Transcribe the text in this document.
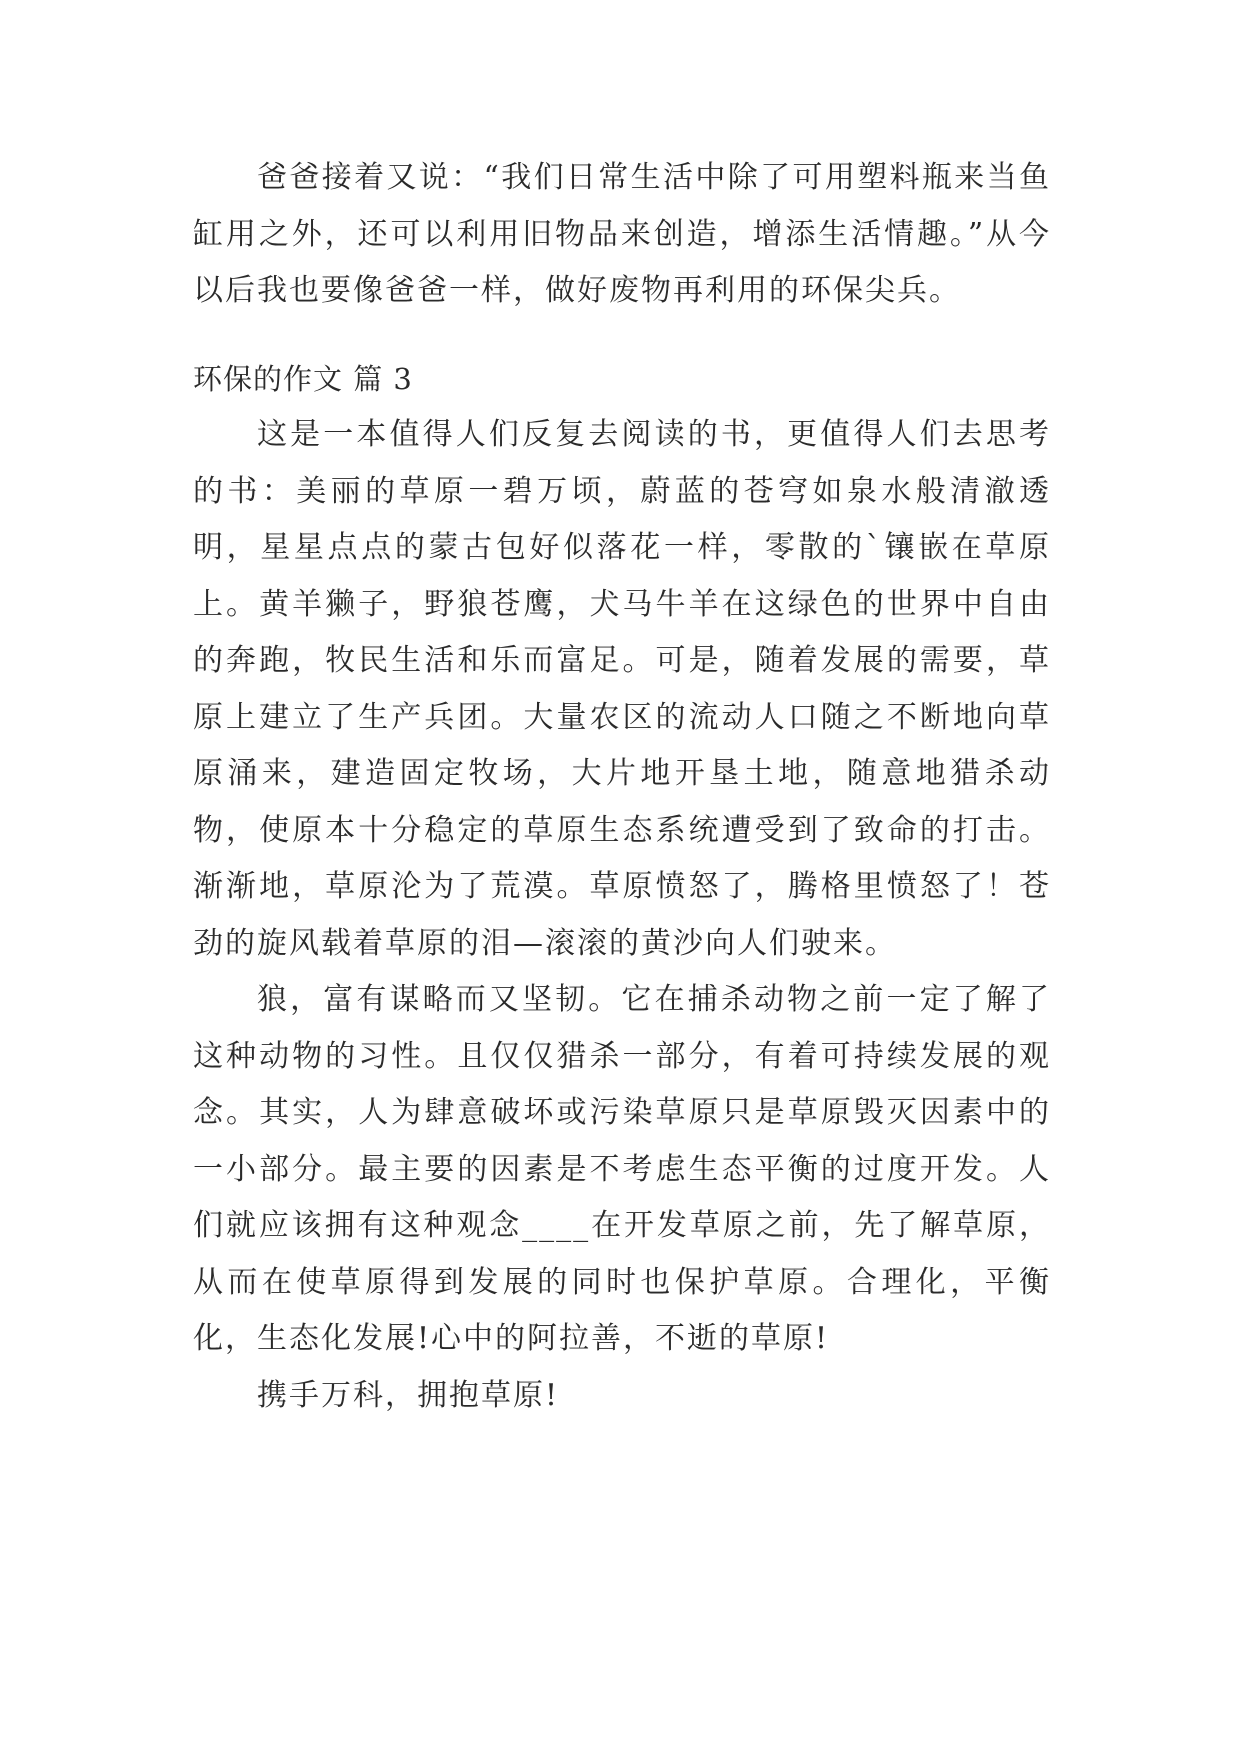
爸爸接着又说：“我们日常生活中除了可用塑料瓶来当鱼缸用之外，还可以利用旧物品来创造，增添生活情趣。”从今以后我也要像爸爸一样，做好废物再利用的环保尖兵。

环保的作文 篇 3

这是一本值得人们反复去阅读的书，更值得人们去思考的书：美丽的草原一碧万顷，蔚蓝的苍穹如泉水般清澈透明，星星点点的蒙古包好似落花一样，零散的`镶嵌在草原上。黄羊獭子，野狼苍鹰，犬马牛羊在这绿色的世界中自由的奔跑，牧民生活和乐而富足。可是，随着发展的需要，草原上建立了生产兵团。大量农区的流动人口随之不断地向草原涌来，建造固定牧场，大片地开垦土地，随意地猎杀动物，使原本十分稳定的草原生态系统遭受到了致命的打击。渐渐地，草原沦为了荒漠。草原愤怒了，腾格里愤怒了！苍劲的旋风载着草原的泪—滚滚的黄沙向人们驶来。

狼，富有谋略而又坚韧。它在捕杀动物之前一定了解了这种动物的习性。且仅仅猎杀一部分，有着可持续发展的观念。其实，人为肆意破坏或污染草原只是草原毁灭因素中的一小部分。最主要的因素是不考虑生态平衡的过度开发。人们就应该拥有这种观念____在开发草原之前，先了解草原，从而在使草原得到发展的同时也保护草原。合理化，平衡化，生态化发展!心中的阿拉善，不逝的草原!

携手万科，拥抱草原!
